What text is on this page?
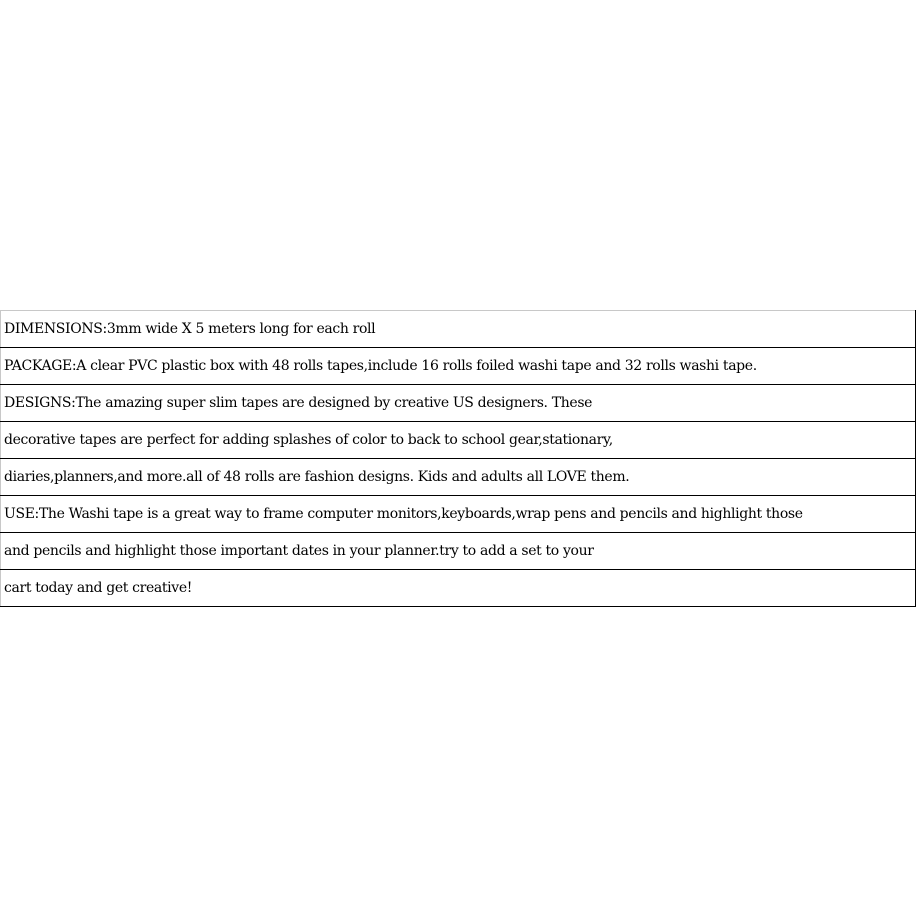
DIMENSIONS:3mm wide X 5 meters long for each roll
PACKAGE:A clear PVC plastic box with 48 rolls tapes,include 16 rolls foiled washi tape and 32 rolls washi tape.
DESIGNS:The amazing super slim tapes are designed by creative US designers. These
decorative tapes are perfect for adding splashes of color to back to school gear,stationary,
diaries,planners,and more.all of 48 rolls are fashion designs. Kids and adults all LOVE them.
USE:The Washi tape is a great way to frame computer monitors,keyboards,wrap pens and pencils and highlight those
and pencils and highlight those important dates in your planner.try to add a set to your
cart today and get creative!
